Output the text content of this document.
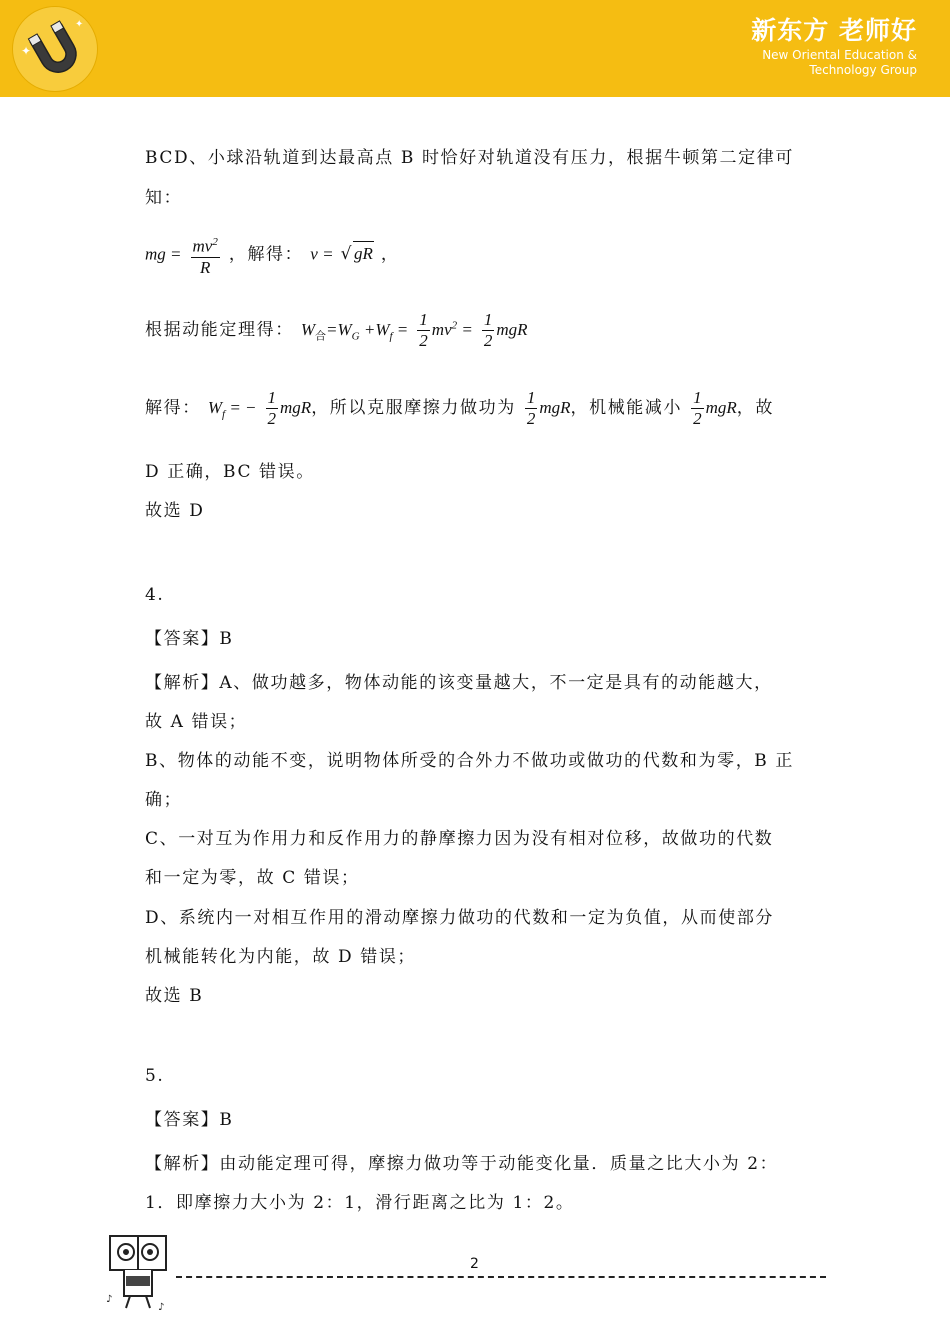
✦
✦	新东方 老师好
New Oriental Education &
Technology Group
BCD、小球沿轨道到达最高点 B 时恰好对轨道没有压力，根据牛顿第二定律可
知：
mg = $\frac{mv^2}{R}$ ，解得： v = √gR ，
根据动能定理得： $W_合=W_G +W_f = \frac{1}{2} mv^2 = \frac{1}{2}$ mgR
解得： $W_f$ = − $\frac{1}{2}$ mgR，所以克服摩擦力做功为 $\frac{1}{2}$ mgR，机械能减小 $\frac{1}{2}$ mgR，故
D 正确，BC 错误。
故选 D
4.
【答案】B
【解析】A、做功越多，物体动能的该变量越大，不一定是具有的动能越大，
故 A 错误；
B、物体的动能不变，说明物体所受的合外力不做功或做功的代数和为零，B 正
确；
C、一对互为作用力和反作用力的静摩擦力因为没有相对位移，故做功的代数
和一定为零，故 C 错误；
D、系统内一对相互作用的滑动摩擦力做功的代数和一定为负值，从而使部分
机械能转化为内能，故 D 错误；
故选 B
5.
【答案】B
【解析】由动能定理可得，摩擦力做功等于动能变化量．质量之比大小为 2：
1．即摩擦力大小为 2：1，滑行距离之比为 1：2。
♪
♪
2
